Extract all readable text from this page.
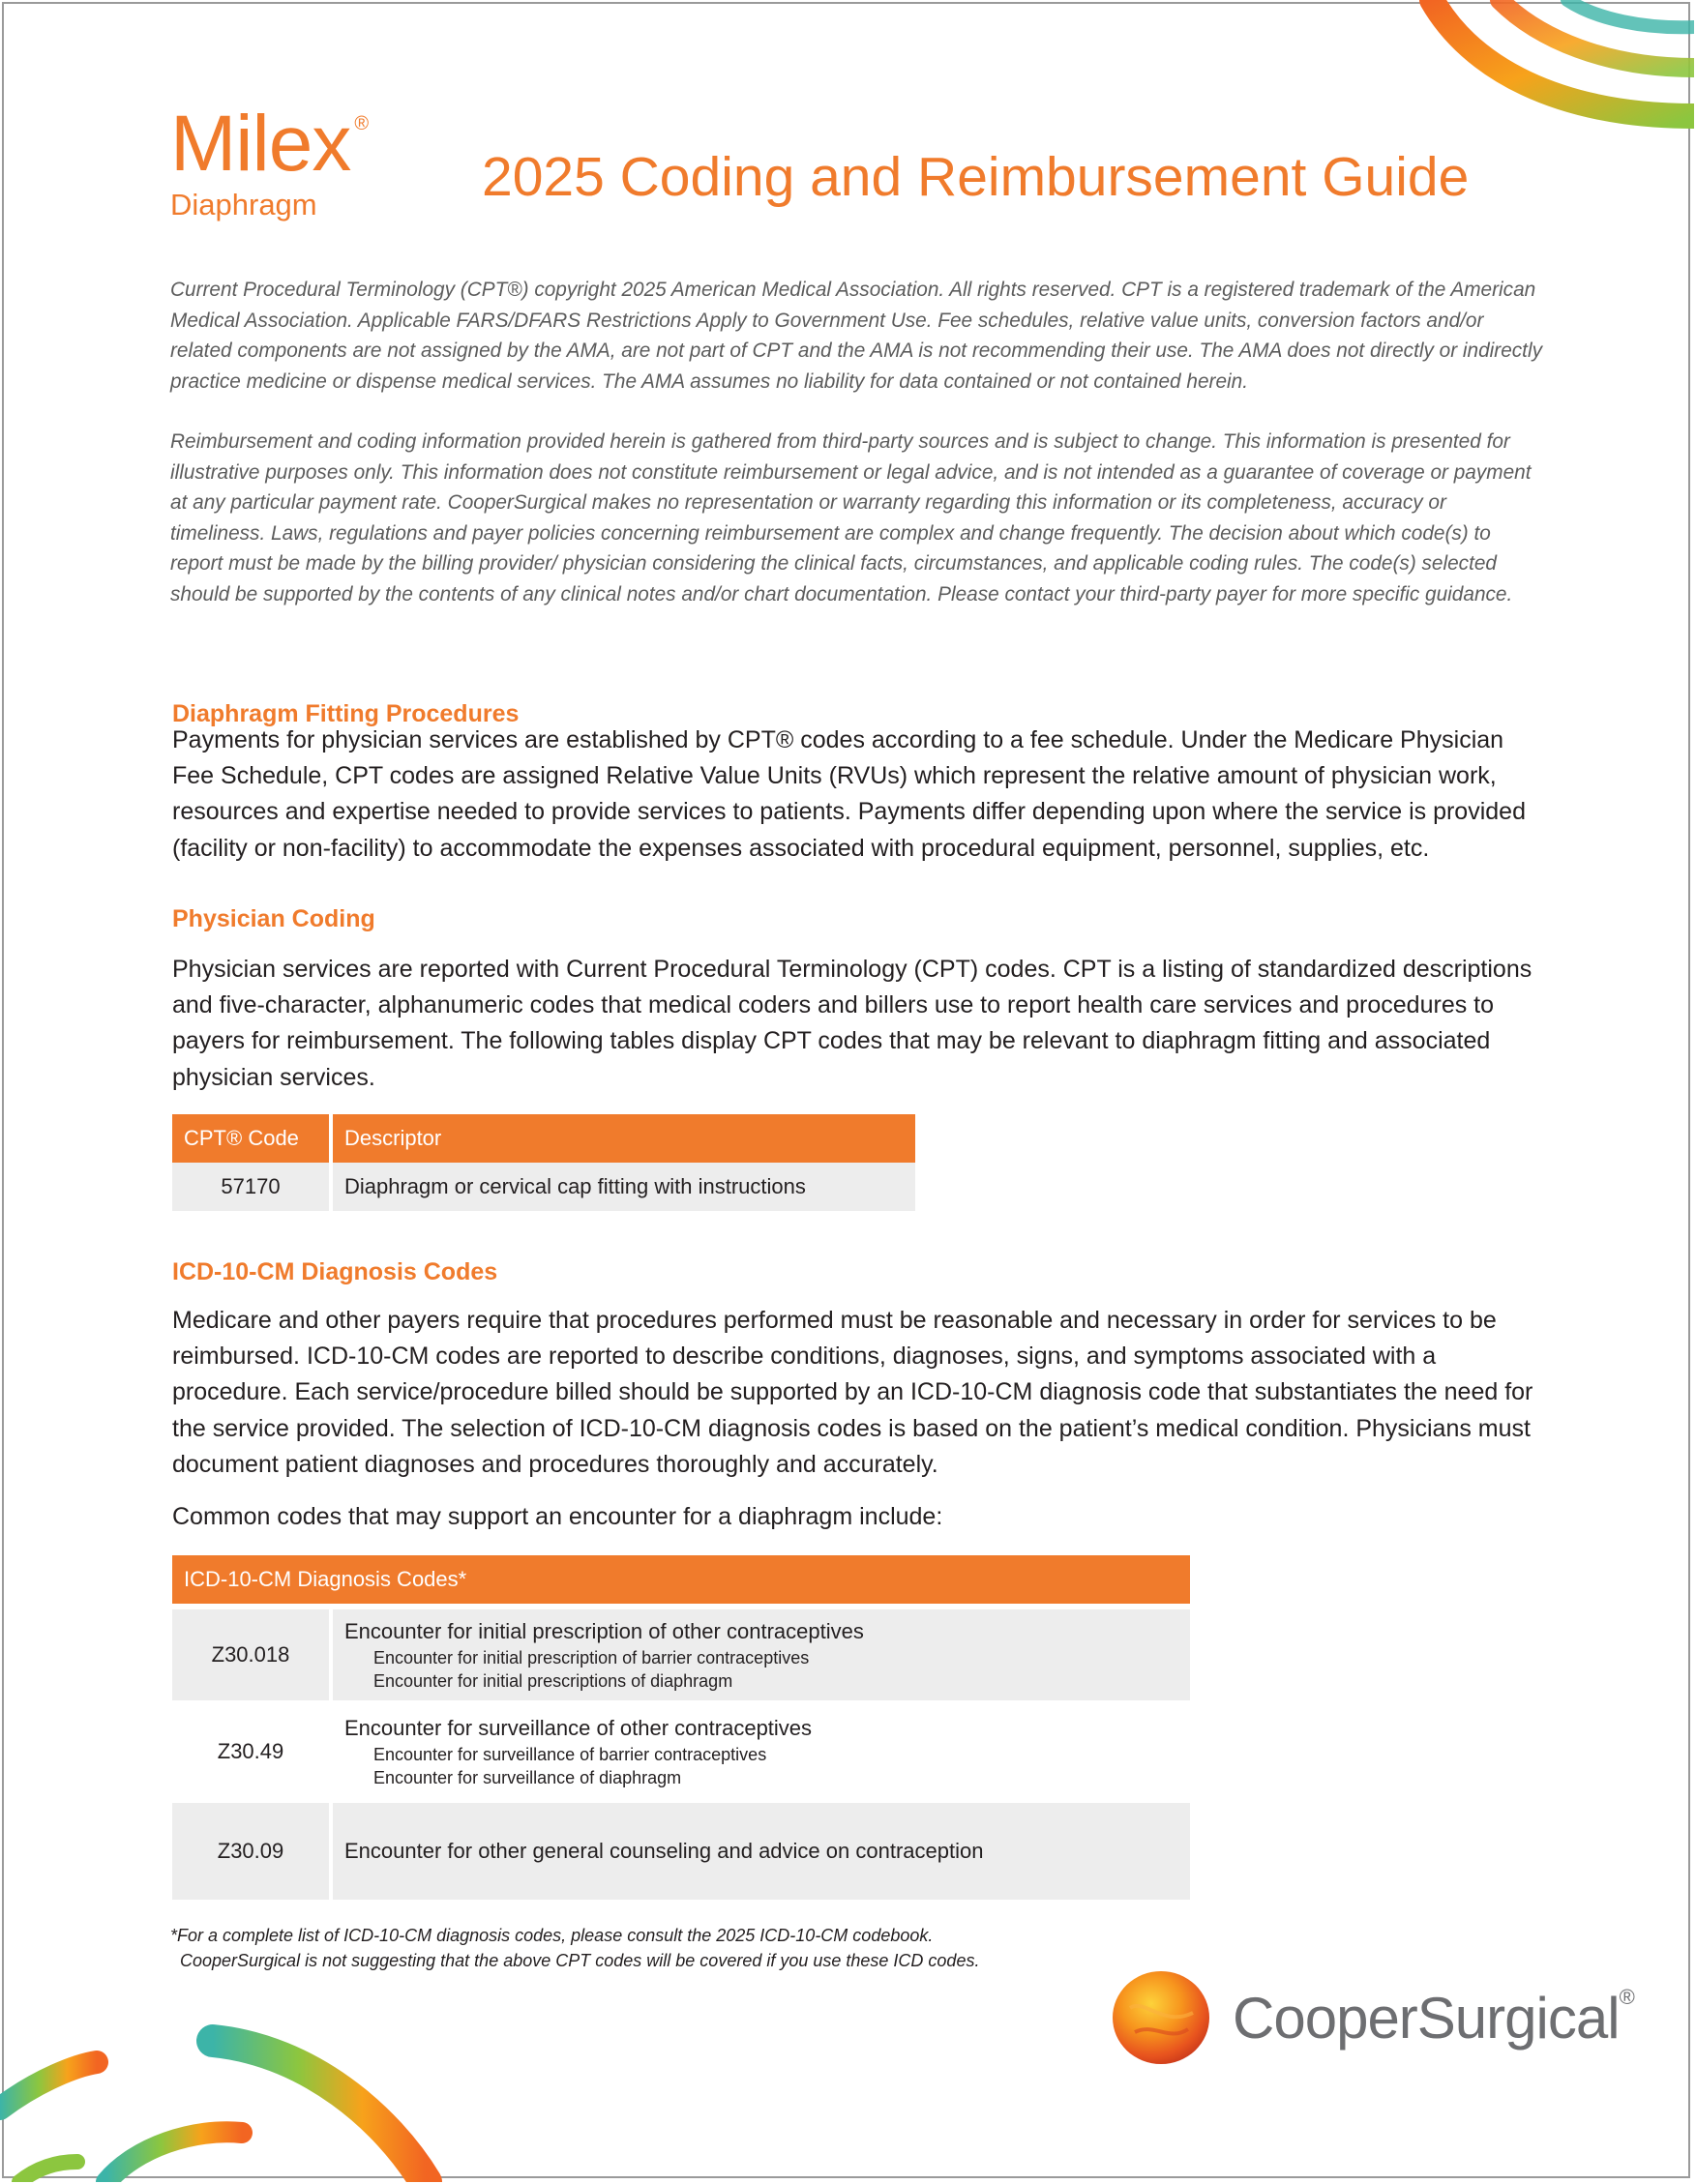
Milex ®
Diaphragm	2025 Coding and Reimbursement Guide
Current Procedural Terminology (CPT®) copyright 2025 American Medical Association. All rights reserved. CPT is a registered trademark of the American Medical Association. Applicable FARS/DFARS Restrictions Apply to Government Use. Fee schedules, relative value units, conversion factors and/or related components are not assigned by the AMA, are not part of CPT and the AMA is not recommending their use. The AMA does not directly or indirectly practice medicine or dispense medical services. The AMA assumes no liability for data contained or not contained herein.
Reimbursement and coding information provided herein is gathered from third-party sources and is subject to change. This information is presented for illustrative purposes only. This information does not constitute reimbursement or legal advice, and is not intended as a guarantee of coverage or payment at any particular payment rate. CooperSurgical makes no representation or warranty regarding this information or its completeness, accuracy or timeliness. Laws, regulations and payer policies concerning reimbursement are complex and change frequently. The decision about which code(s) to report must be made by the billing provider/ physician considering the clinical facts, circumstances, and applicable coding rules. The code(s) selected should be supported by the contents of any clinical notes and/or chart documentation. Please contact your third-party payer for more specific guidance.
Diaphragm Fitting Procedures
Payments for physician services are established by CPT® codes according to a fee schedule. Under the Medicare Physician Fee Schedule, CPT codes are assigned Relative Value Units (RVUs) which represent the relative amount of physician work, resources and expertise needed to provide services to patients. Payments differ depending upon where the service is provided (facility or non-facility) to accommodate the expenses associated with procedural equipment, personnel, supplies, etc.
Physician Coding
Physician services are reported with Current Procedural Terminology (CPT) codes. CPT is a listing of standardized descriptions and five-character, alphanumeric codes that medical coders and billers use to report health care services and procedures to payers for reimbursement. The following tables display CPT codes that may be relevant to diaphragm fitting and associated physician services.
CPT® Code	Descriptor
57170	Diaphragm or cervical cap fitting with instructions
ICD-10-CM Diagnosis Codes
Medicare and other payers require that procedures performed must be reasonable and necessary in order for services to be reimbursed. ICD-10-CM codes are reported to describe conditions, diagnoses, signs, and symptoms associated with a procedure. Each service/procedure billed should be supported by an ICD-10-CM diagnosis code that substantiates the need for the service provided. The selection of ICD-10-CM diagnosis codes is based on the patient’s medical condition. Physicians must document patient diagnoses and procedures thoroughly and accurately.
Common codes that may support an encounter for a diaphragm include:
ICD-10-CM Diagnosis Codes*	

Z30.018	Encounter for initial prescription of other contraceptives
Encounter for initial prescription of barrier contraceptives
Encounter for initial prescriptions of diaphragm

Z30.49	Encounter for surveillance of other contraceptives
Encounter for surveillance of barrier contraceptives
Encounter for surveillance of diaphragm

Z30.09	Encounter for other general counseling and advice on contraception
*For a complete list of ICD-10-CM diagnosis codes, please consult the 2025 ICD-10-CM codebook.
CooperSurgical is not suggesting that the above CPT codes will be covered if you use these ICD codes.
CooperSurgical®
